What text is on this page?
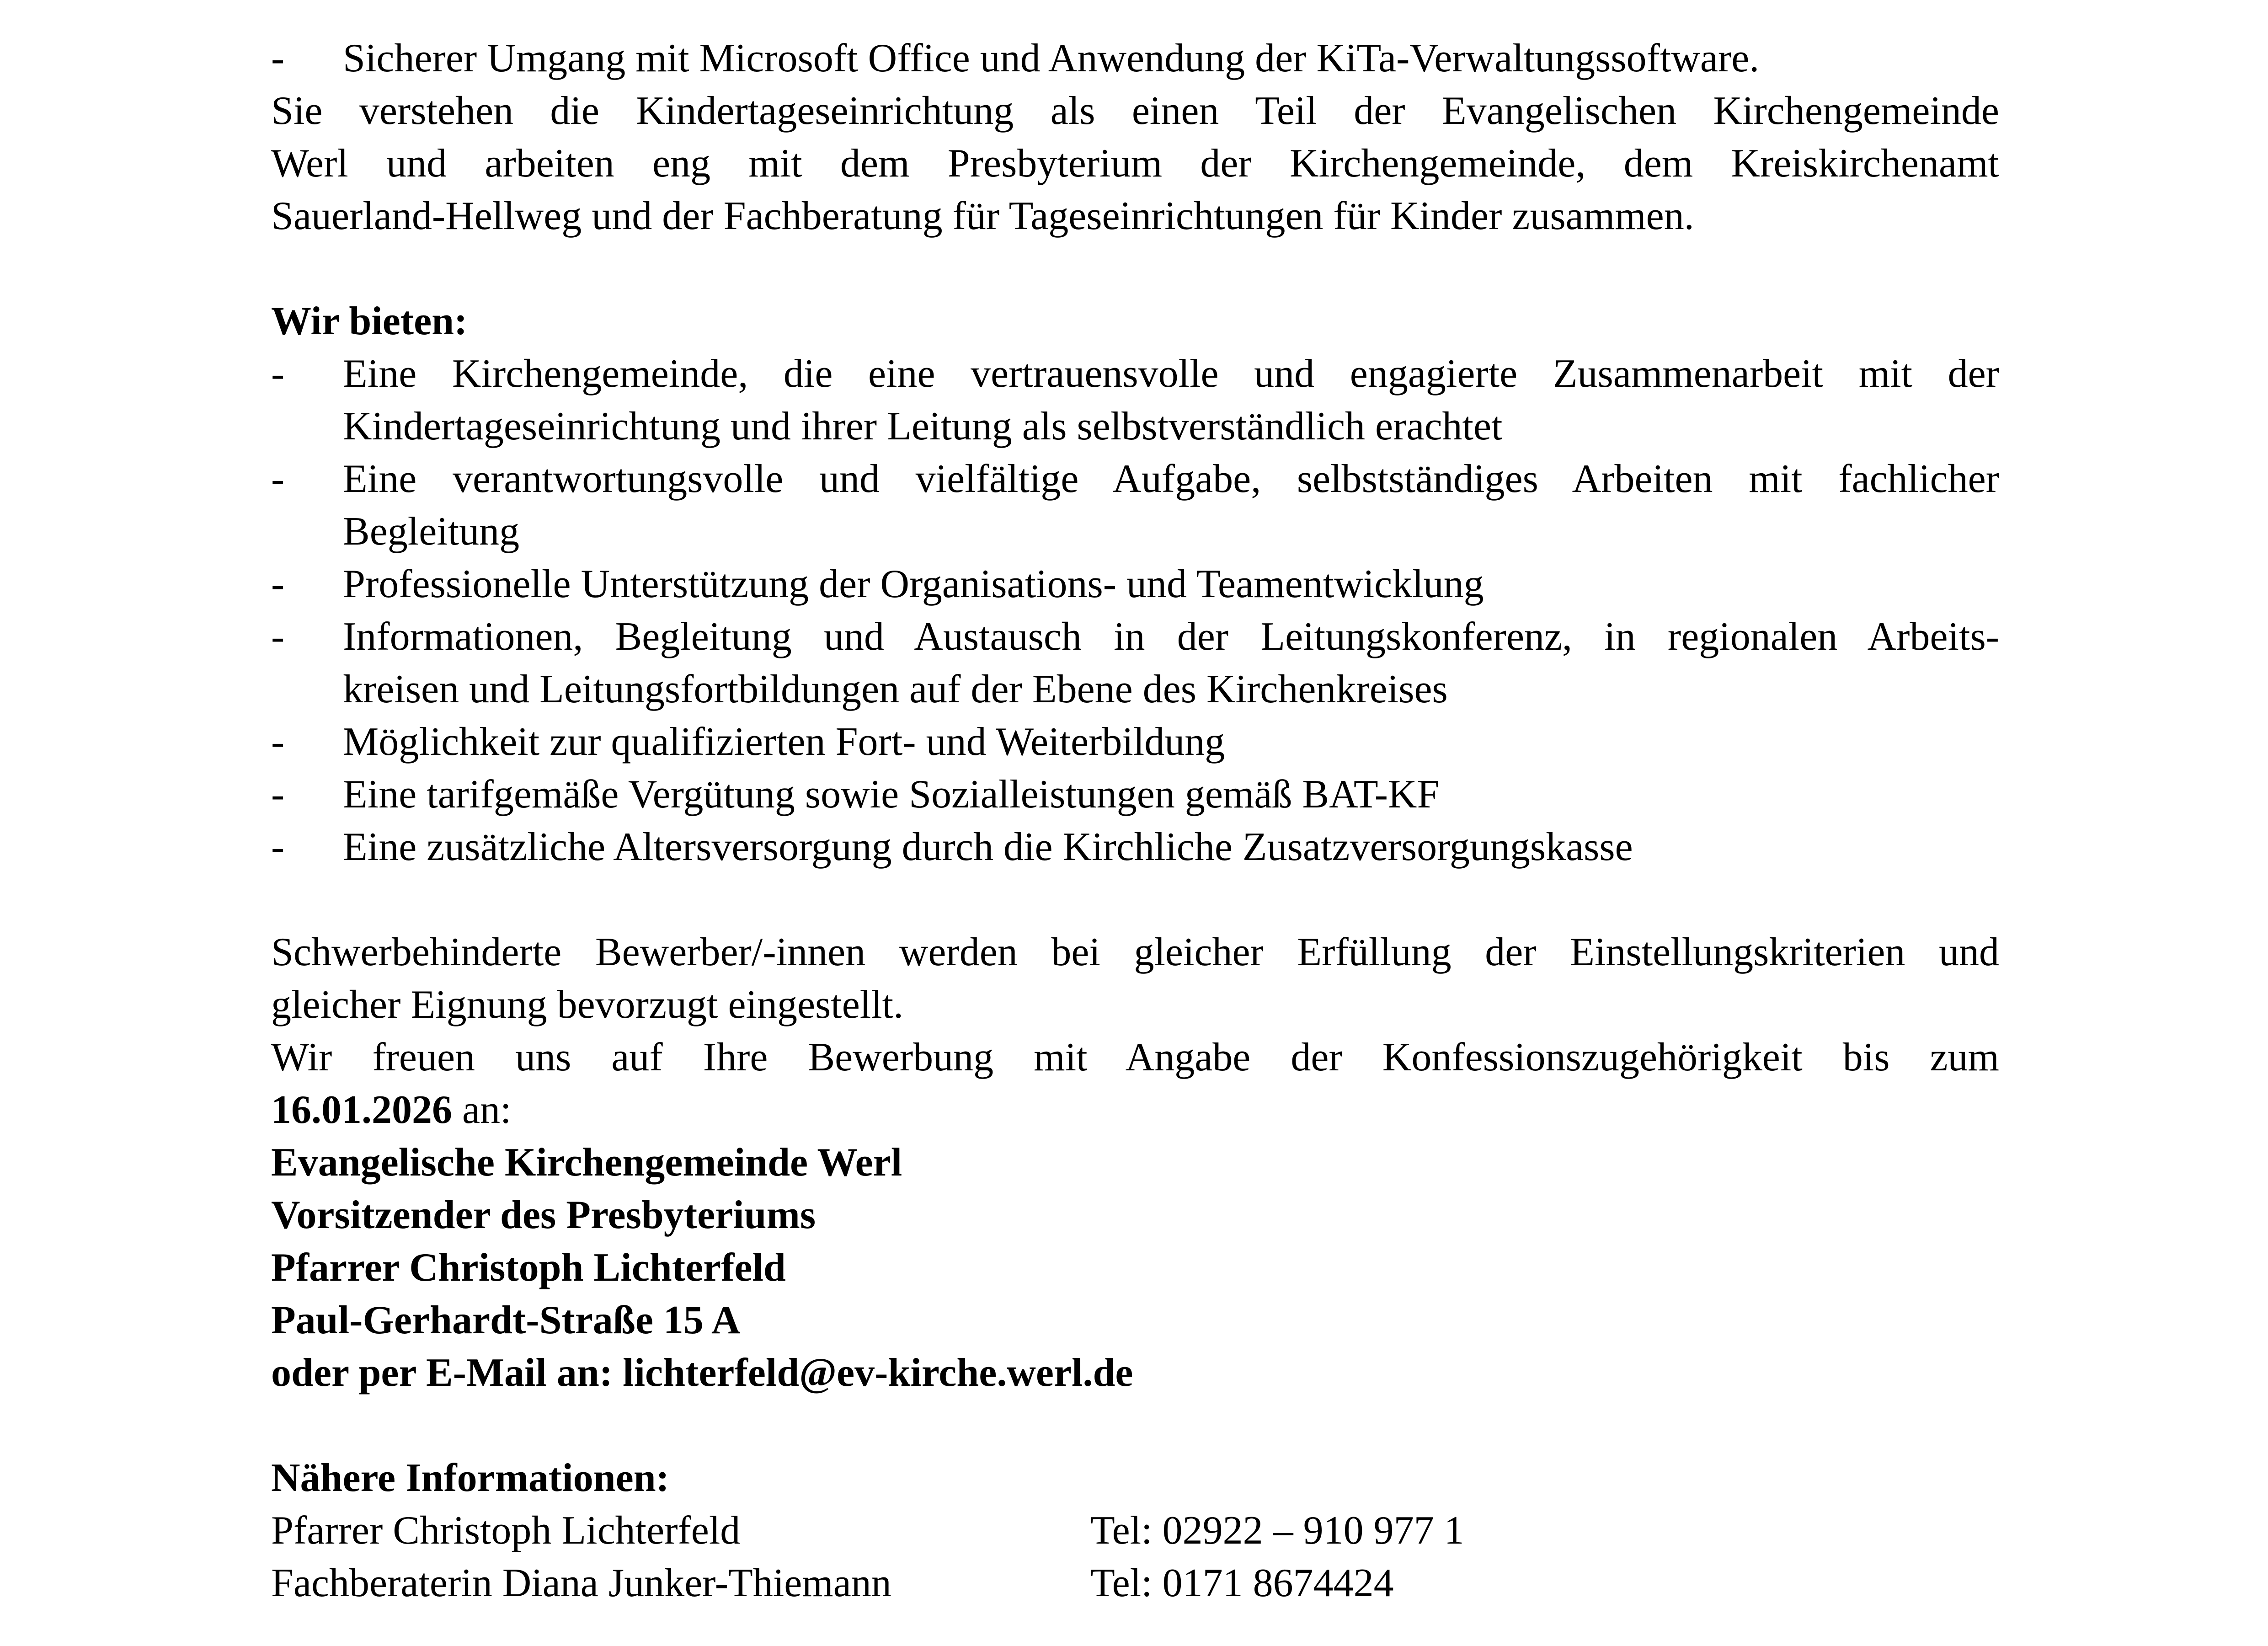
-	Sicherer Umgang mit Microsoft Office und Anwendung der KiTa-Verwaltungssoftware.
Sie verstehen die Kindertageseinrichtung als einen Teil der Evangelischen Kirchengemeinde
Werl und arbeiten eng mit dem Presbyterium der Kirchengemeinde, dem Kreiskirchenamt
Sauerland-Hellweg und der Fachberatung für Tageseinrichtungen für Kinder zusammen.
Wir bieten:
-	Eine Kirchengemeinde, die eine vertrauensvolle und engagierte Zusammenarbeit mit der
Kindertageseinrichtung und ihrer Leitung als selbstverständlich erachtet
-	Eine verantwortungsvolle und vielfältige Aufgabe, selbstständiges Arbeiten mit fachlicher
Begleitung
-	Professionelle Unterstützung der Organisations- und Teamentwicklung
-	Informationen, Begleitung und Austausch in der Leitungskonferenz, in regionalen Arbeits-
kreisen und Leitungsfortbildungen auf der Ebene des Kirchenkreises
-	Möglichkeit zur qualifizierten Fort- und Weiterbildung
-	Eine tarifgemäße Vergütung sowie Sozialleistungen gemäß BAT-KF
-	Eine zusätzliche Altersversorgung durch die Kirchliche Zusatzversorgungskasse
Schwerbehinderte Bewerber/-innen werden bei gleicher Erfüllung der Einstellungskriterien und
gleicher Eignung bevorzugt eingestellt.
Wir freuen uns auf Ihre Bewerbung mit Angabe der Konfessionszugehörigkeit bis zum
16.01.2026 an:
Evangelische Kirchengemeinde Werl
Vorsitzender des Presbyteriums
Pfarrer Christoph Lichterfeld
Paul-Gerhardt-Straße 15 A
oder per E-Mail an: lichterfeld@ev-kirche.werl.de
Nähere Informationen:
Pfarrer Christoph Lichterfeld	Tel: 02922 – 910 977 1
Fachberaterin Diana Junker-Thiemann	Tel: 0171 8674424
